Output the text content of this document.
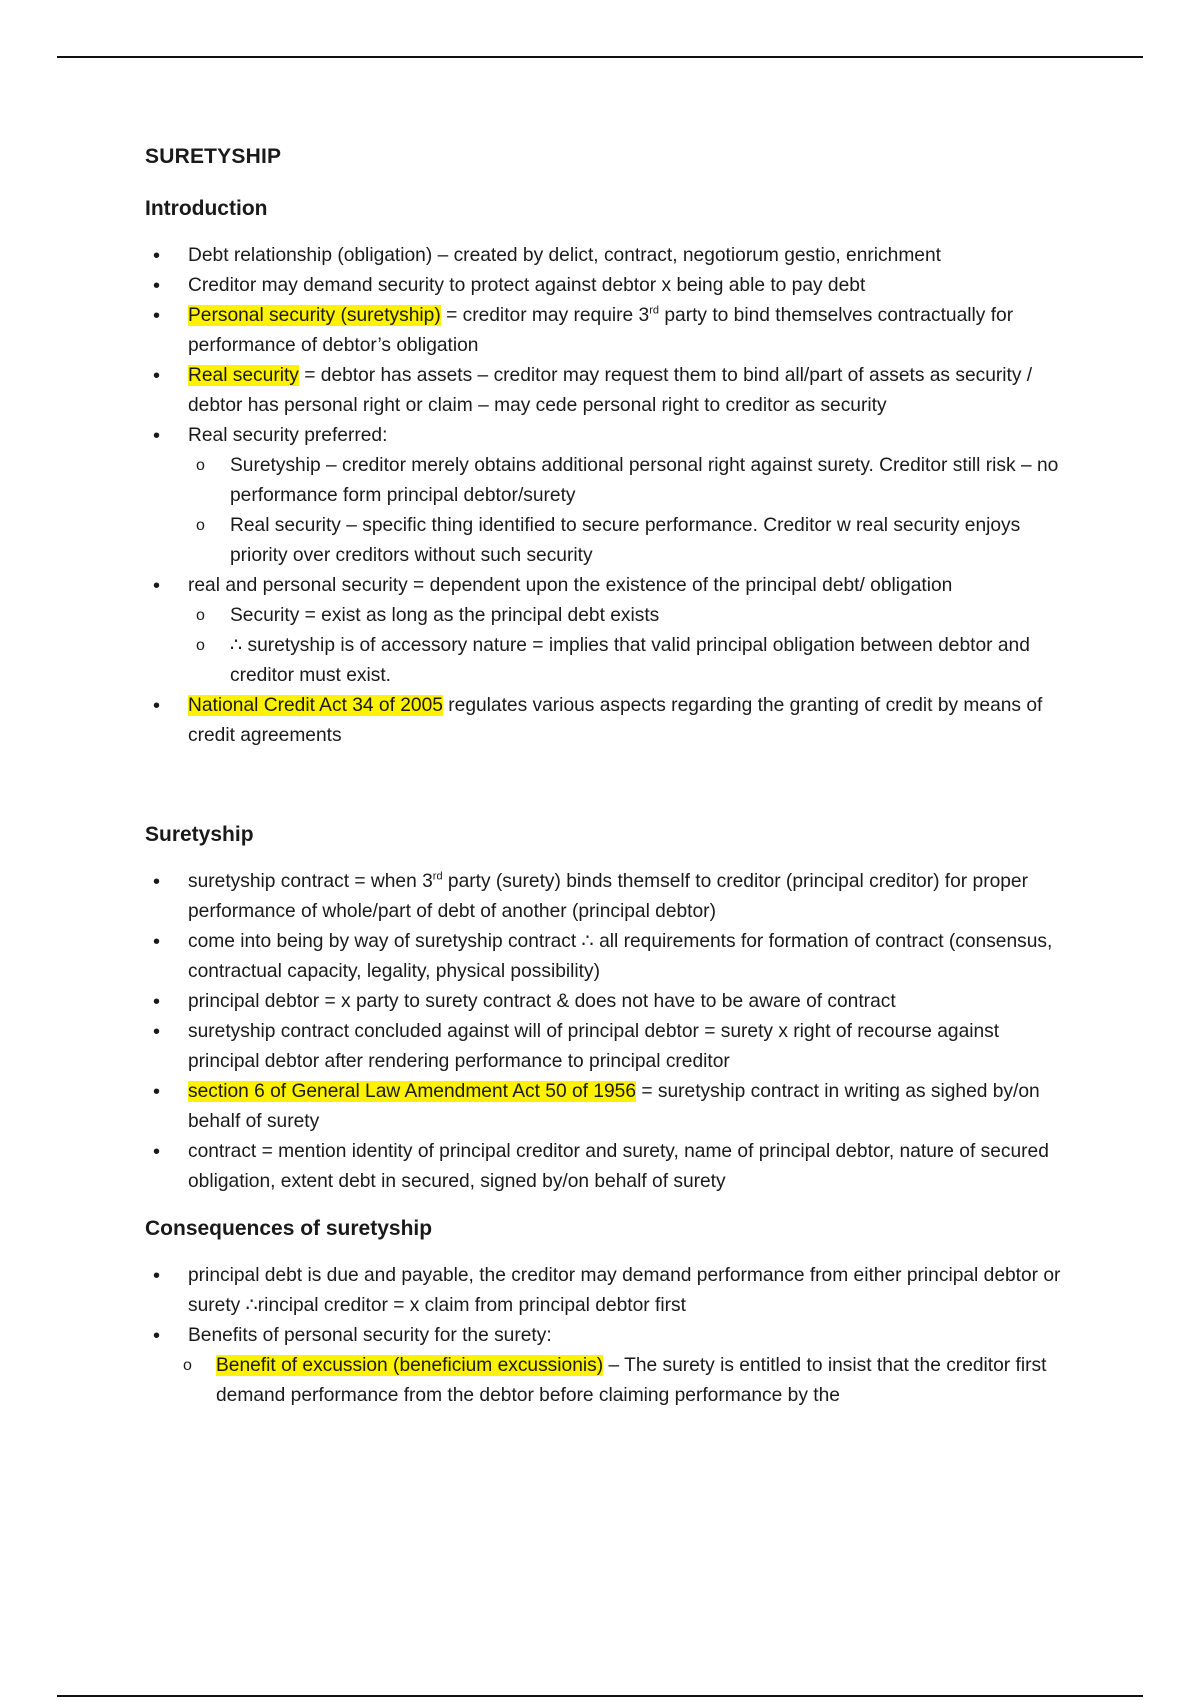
SURETYSHIP
Introduction
• Debt relationship (obligation) – created by delict, contract, negotiorum gestio, enrichment
• Creditor may demand security to protect against debtor x being able to pay debt
• Personal security (suretyship) = creditor may require 3rd party to bind themselves contractually for performance of debtor’s obligation
• Real security = debtor has assets – creditor may request them to bind all/part of assets as security / debtor has personal right or claim – may cede personal right to creditor as security
• Real security preferred:
o Suretyship – creditor merely obtains additional personal right against surety. Creditor still risk – no performance form principal debtor/surety
o Real security – specific thing identified to secure performance. Creditor w real security enjoys priority over creditors without such security
• real and personal security = dependent upon the existence of the principal debt/ obligation
o Security = exist as long as the principal debt exists
o ∴ suretyship is of accessory nature = implies that valid principal obligation between debtor and creditor must exist.
• National Credit Act 34 of 2005 regulates various aspects regarding the granting of credit by means of credit agreements
Suretyship
• suretyship contract = when 3rd party (surety) binds themself to creditor (principal creditor) for proper performance of whole/part of debt of another (principal debtor)
• come into being by way of suretyship contract ∴ all requirements for formation of contract (consensus, contractual capacity, legality, physical possibility)
• principal debtor = x party to surety contract & does not have to be aware of contract
• suretyship contract concluded against will of principal debtor = surety x right of recourse against principal debtor after rendering performance to principal creditor
• section 6 of General Law Amendment Act 50 of 1956 = suretyship contract in writing as sighed by/on behalf of surety
• contract = mention identity of principal creditor and surety, name of principal debtor, nature of secured obligation, extent debt in secured, signed by/on behalf of surety
Consequences of suretyship
• principal debt is due and payable, the creditor may demand performance from either principal debtor or surety ∴rincipal creditor = x claim from principal debtor first
• Benefits of personal security for the surety:
o Benefit of excussion (beneficium excussionis) – The surety is entitled to insist that the creditor first demand performance from the debtor before claiming performance by the
